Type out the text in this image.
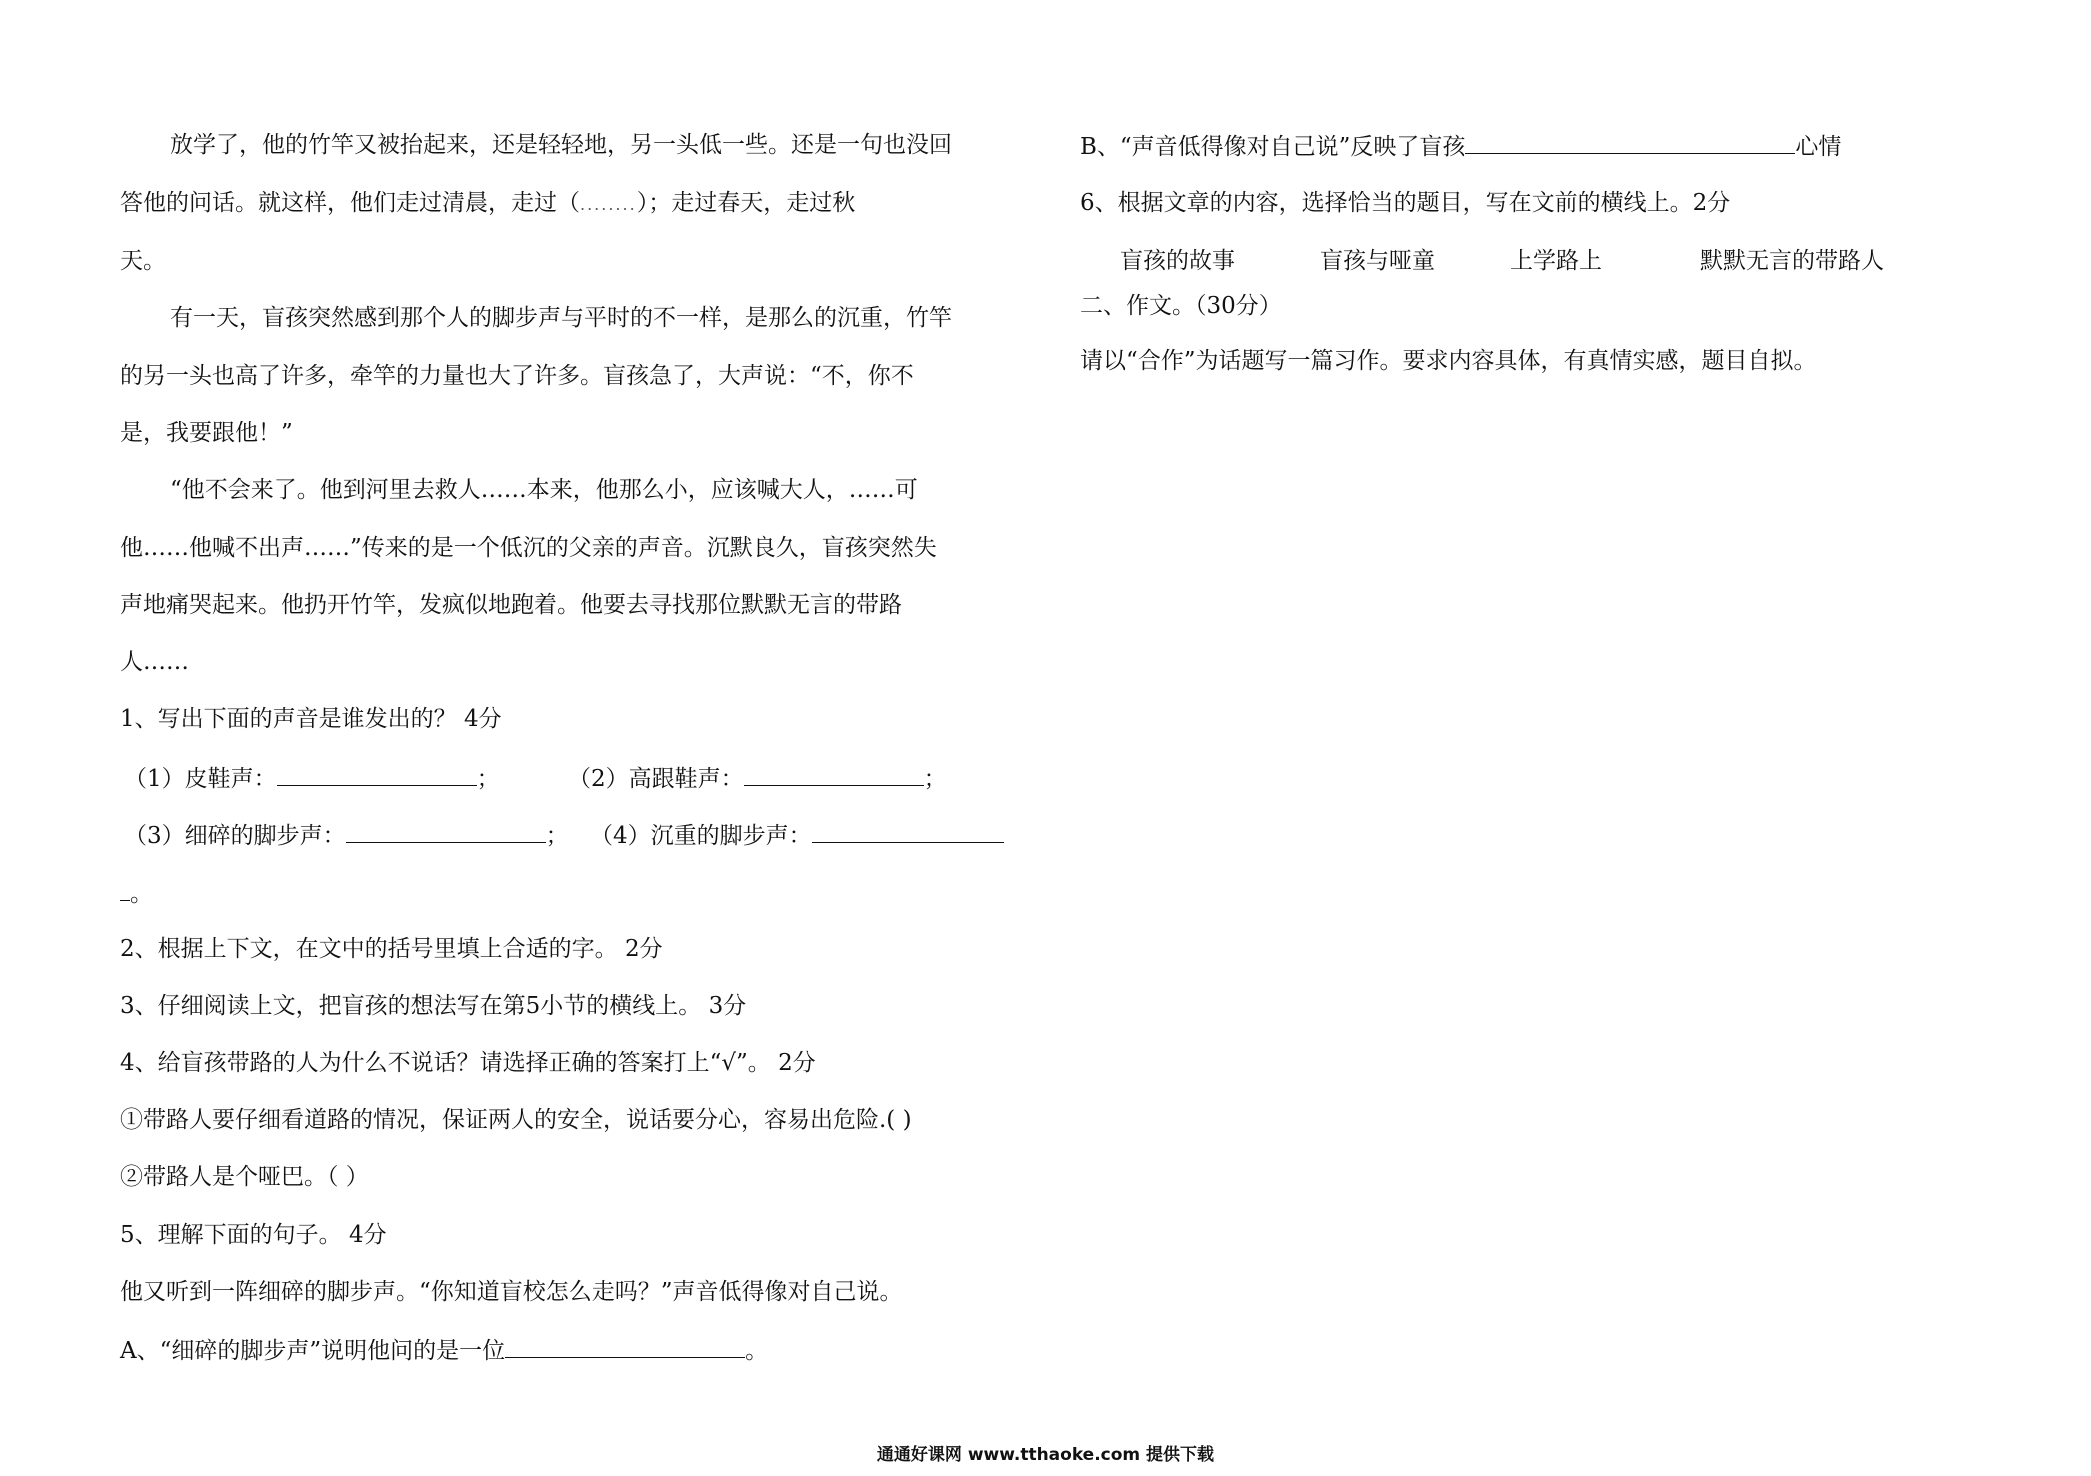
放学了，他的竹竿又被抬起来，还是轻轻地，另一头低一些。还是一句也没回
答他的问话。就这样，他们走过清晨，走过（........）；走过春天，走过秋
天。
有一天，盲孩突然感到那个人的脚步声与平时的不一样，是那么的沉重，竹竿
的另一头也高了许多，牵竿的力量也大了许多。盲孩急了，大声说：“不，你不
是，我要跟他！”
“他不会来了。他到河里去救人……本来，他那么小，应该喊大人，……可
他……他喊不出声……”传来的是一个低沉的父亲的声音。沉默良久，盲孩突然失
声地痛哭起来。他扔开竹竿，发疯似地跑着。他要去寻找那位默默无言的带路
人……
1、写出下面的声音是谁发出的？ 4分
（1）皮鞋声：	；	（2）高跟鞋声：	；
（3）细碎的脚步声：	； （4）沉重的脚步声：
。
2、根据上下文，在文中的括号里填上合适的字。 2分
3、仔细阅读上文，把盲孩的想法写在第5小节的横线上。 3分
4、给盲孩带路的人为什么不说话？请选择正确的答案打上“√”。 2分
①带路人要仔细看道路的情况，保证两人的安全，说话要分心，容易出危险.( )
②带路人是个哑巴。（ ）
5、理解下面的句子。 4分
他又听到一阵细碎的脚步声。“你知道盲校怎么走吗？”声音低得像对自己说。
A、“细碎的脚步声”说明他问的是一位	。
B、“声音低得像对自己说”反映了盲孩	心情
6、根据文章的内容，选择恰当的题目，写在文前的横线上。2分
盲孩的故事	盲孩与哑童	上学路上	默默无言的带路人
二、作文。（30分）
请以“合作”为话题写一篇习作。要求内容具体，有真情实感，题目自拟。
通通好课网 www.tthaoke.com 提供下载
